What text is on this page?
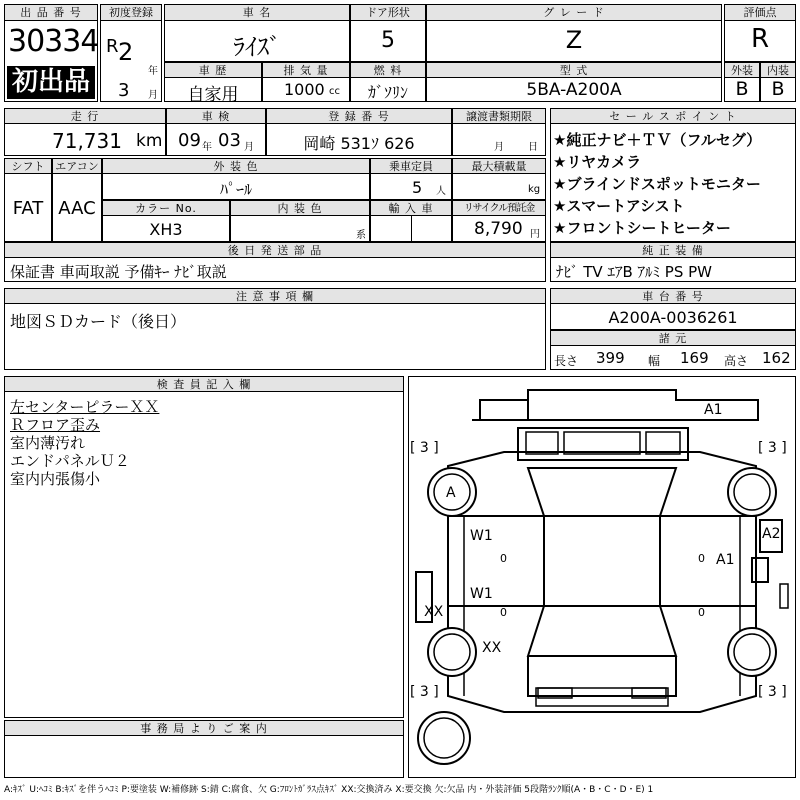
出 品 番 号
30334
初出品
初度登録
R 2
年
3 月
車 名
ﾗｲｽﾞ
ドア形状
5
グ レ ー ド
Z
評価点
R
車 歴
自家用
排 気 量
1000 cc
燃 料
ｶﾞｿﾘﾝ
型 式
5BA-A200A
外装
B
内装
B
走 行
71,731 km
車 検
09 年 03 月
登 録 番 号
岡崎 531ｿ 626
譲渡書類期限
月 日
シフト
FAT
エアコン
AAC
外 装 色
ﾊﾟｰﾙ
乗車定員
5 人
最大積載量
kg
カラー No.
XH3
内 装 色
系
輸 入 車	リサイクル預託金
8,790 円
後 日 発 送 部 品
保証書 車両取説 予備ｷｰ ﾅﾋﾞ取説
セ ー ル ス ポ イ ン ト
★純正ナビ＋ＴＶ（フルセグ）
★リヤカメラ
★ブラインドスポットモニター
★スマートアシスト
★フロントシートヒーター
純 正 装 備
ﾅﾋﾞ TV ｴｱB ｱﾙﾐ PS PW
注 意 事 項 欄
地図ＳＤカード（後日）
車 台 番 号
A200A-0036261
諸 元
長さ 399 幅 169 高さ 162
検 査 員 記 入 欄
左センターピラーＸＸ
Ｒフロア歪み
室内薄汚れ
エンドパネルＵ２
室内内張傷小
事 務 局 よ り ご 案 内
A1
A
A2
W1
W1
A1
XX
XX
0
0
0
0
[ 3 ]	[ 3 ]
[ 3 ]	[ 3 ]
A:ｷｽﾞ U:ﾍｺﾐ B:ｷｽﾞを伴うﾍｺﾐ P:要塗装 W:補修跡 S:錆 C:腐食、欠 G:ﾌﾛﾝﾄｶﾞﾗｽ点ｷｽﾞ XX:交換済み X:要交換 欠:欠品 内・外装評価 5段階ﾗﾝｸ順(A・B・C・D・E) 1
